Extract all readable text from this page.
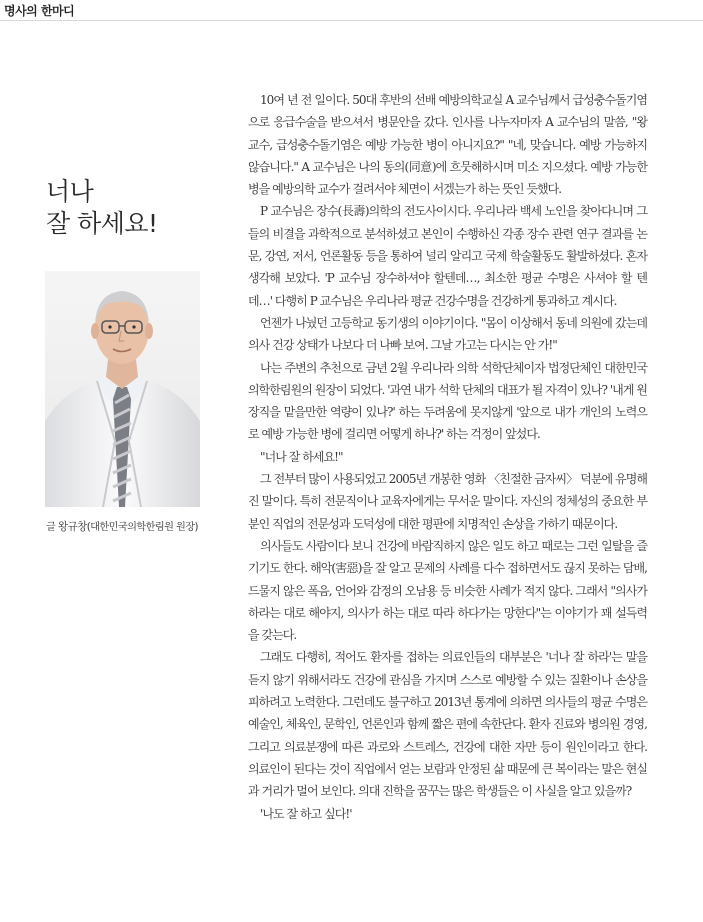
명사의 한마디
너나
잘 하세요!
글 왕규창(대한민국의학한림원 원장)

10여 년 전 일이다. 50대 후반의 선배 예방의학교실 A 교수님께서 급성충수돌기염으로 응급수술을 받으셔서 병문안을 갔다. 인사를 나누자마자 A 교수님의 말씀, "왕 교수, 급성충수돌기염은 예방 가능한 병이 아니지요?" "네, 맞습니다. 예방 가능하지 않습니다." A 교수님은 나의 동의(同意)에 흐뭇해하시며 미소 지으셨다. 예방 가능한 병을 예방의학 교수가 걸려서야 체면이 서겠는가 하는 뜻인 듯했다.

P 교수님은 장수(長壽)의학의 전도사이시다. 우리나라 백세 노인을 찾아다니며 그들의 비결을 과학적으로 분석하셨고 본인이 수행하신 각종 장수 관련 연구 결과를 논문, 강연, 저서, 언론활동 등을 통하여 널리 알리고 국제 학술활동도 활발하셨다. 혼자 생각해 보았다. 'P 교수님 장수하셔야 할텐데…, 최소한 평균 수명은 사셔야 할 텐데…' 다행히 P 교수님은 우리나라 평균 건강수명을 건강하게 통과하고 계시다.

언젠가 나눴던 고등학교 동기생의 이야기이다. "몸이 이상해서 동네 의원에 갔는데 의사 건강 상태가 나보다 더 나빠 보여. 그날 가고는 다시는 안 가!"

나는 주변의 추천으로 금년 2월 우리나라 의학 석학단체이자 법정단체인 대한민국의학한림원의 원장이 되었다. '과연 내가 석학 단체의 대표가 될 자격이 있나? '내게 원장직을 맡을만한 역량이 있나?' 하는 두려움에 못지않게 '앞으로 내가 개인의 노력으로 예방 가능한 병에 걸리면 어떻게 하나?' 하는 걱정이 앞섰다.

"너나 잘 하세요!"

그 전부터 많이 사용되었고 2005년 개봉한 영화 〈친절한 금자씨〉 덕분에 유명해진 말이다. 특히 전문직이나 교육자에게는 무서운 말이다. 자신의 정체성의 중요한 부분인 직업의 전문성과 도덕성에 대한 평판에 치명적인 손상을 가하기 때문이다.

의사들도 사람이다 보니 건강에 바람직하지 않은 일도 하고 때로는 그런 일탈을 즐기기도 한다. 해악(害惡)을 잘 알고 문제의 사례를 다수 접하면서도 끊지 못하는 담배, 드물지 않은 폭음, 언어와 감정의 오남용 등 비슷한 사례가 적지 않다. 그래서 "의사가 하라는 대로 해야지, 의사가 하는 대로 따라 하다가는 망한다"는 이야기가 꽤 설득력을 갖는다.

그래도 다행히, 적어도 환자를 접하는 의료인들의 대부분은 '너나 잘 하라'는 말을 듣지 않기 위해서라도 건강에 관심을 가지며 스스로 예방할 수 있는 질환이나 손상을 피하려고 노력한다. 그런데도 불구하고 2013년 통계에 의하면 의사들의 평균 수명은 예술인, 체육인, 문학인, 언론인과 함께 짧은 편에 속한단다. 환자 진료와 병의원 경영, 그리고 의료분쟁에 따른 과로와 스트레스, 건강에 대한 자만 등이 원인이라고 한다. 의료인이 된다는 것이 직업에서 얻는 보람과 안정된 삶 때문에 큰 복이라는 말은 현실과 거리가 멀어 보인다. 의대 진학을 꿈꾸는 많은 학생들은 이 사실을 알고 있을까?

'나도 잘 하고 싶다!'
